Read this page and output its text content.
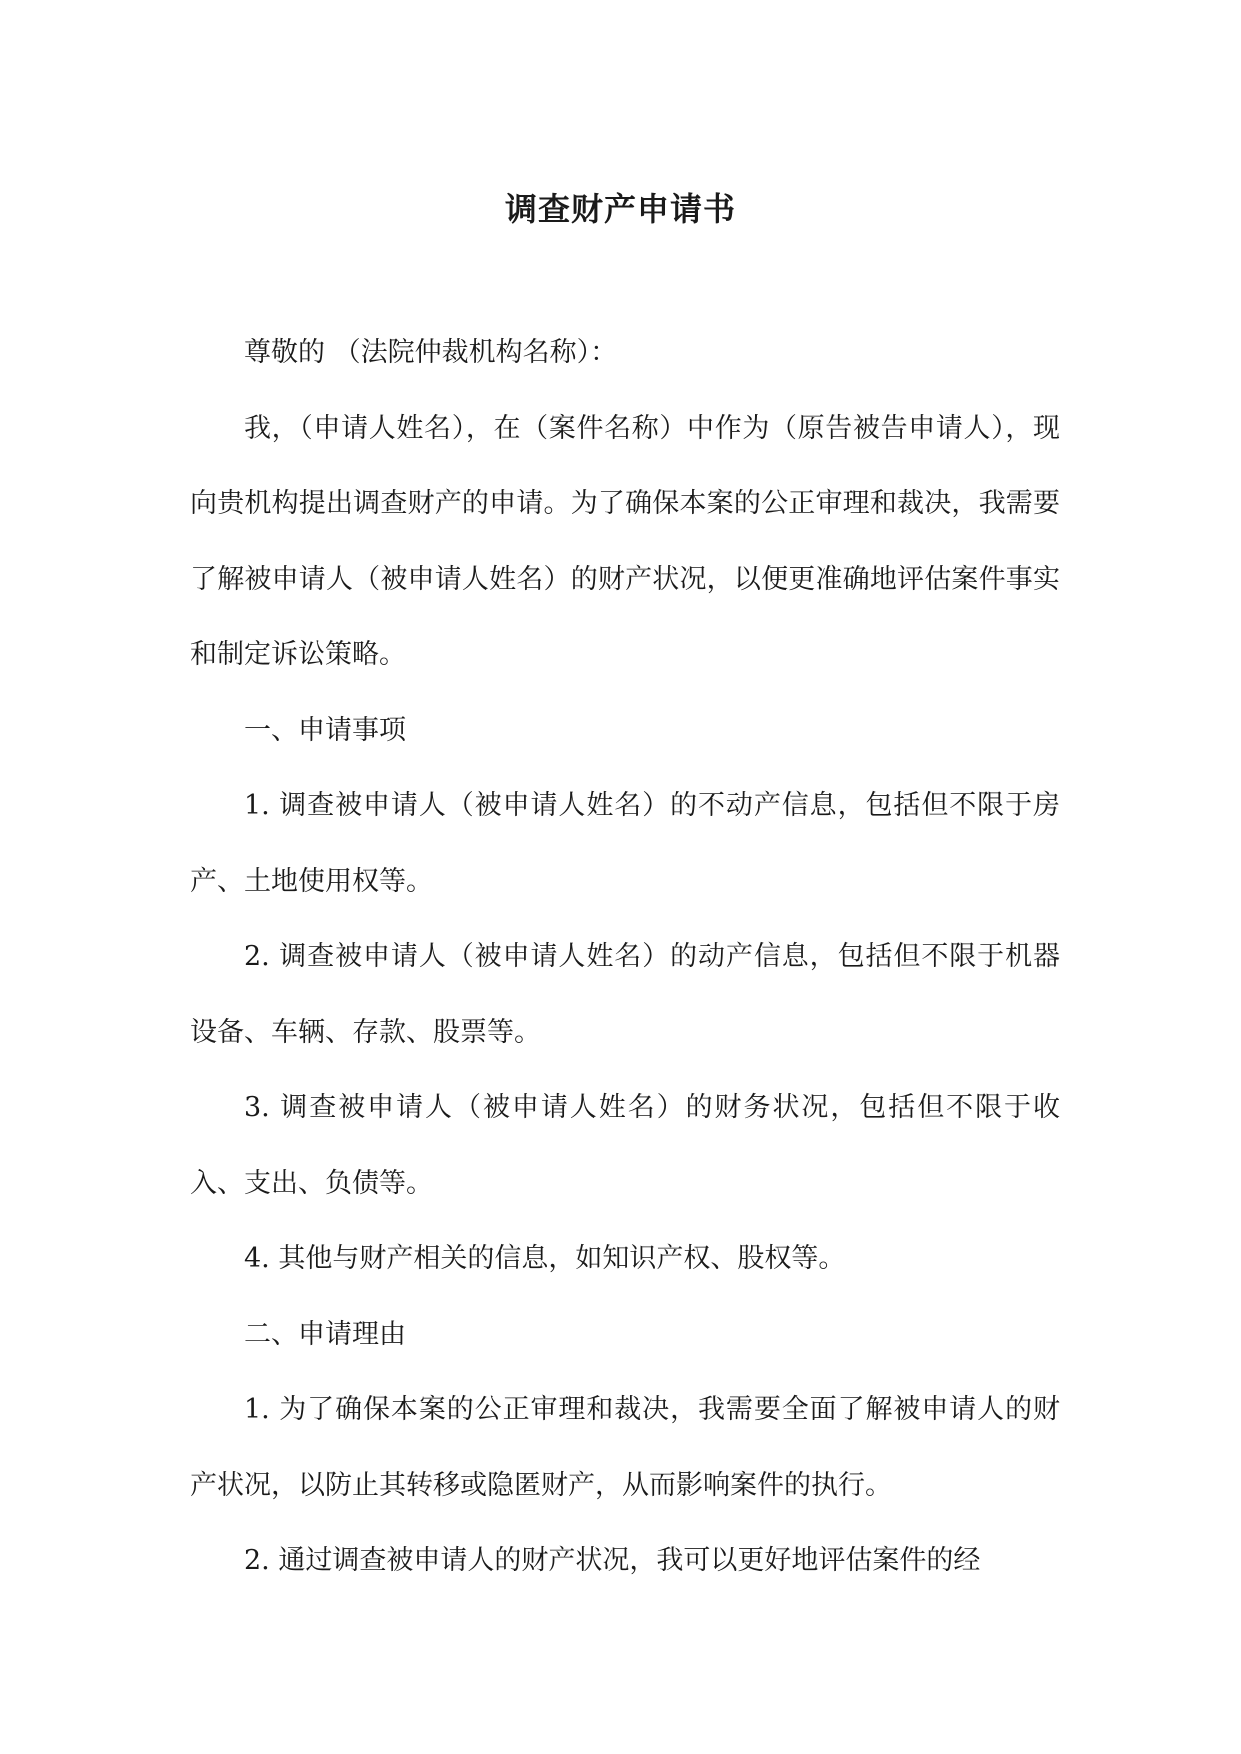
调查财产申请书

尊敬的 （法院仲裁机构名称）：

我，（申请人姓名），在（案件名称）中作为（原告被告申请人），现向贵机构提出调查财产的申请。为了确保本案的公正审理和裁决，我需要了解被申请人（被申请人姓名）的财产状况，以便更准确地评估案件事实和制定诉讼策略。

一、申请事项

1. 调查被申请人（被申请人姓名）的不动产信息，包括但不限于房产、土地使用权等。

2. 调查被申请人（被申请人姓名）的动产信息，包括但不限于机器设备、车辆、存款、股票等。

3. 调查被申请人（被申请人姓名）的财务状况，包括但不限于收入、支出、负债等。

4. 其他与财产相关的信息，如知识产权、股权等。

二、申请理由

1. 为了确保本案的公正审理和裁决，我需要全面了解被申请人的财产状况，以防止其转移或隐匿财产，从而影响案件的执行。

2. 通过调查被申请人的财产状况，我可以更好地评估案件的经
